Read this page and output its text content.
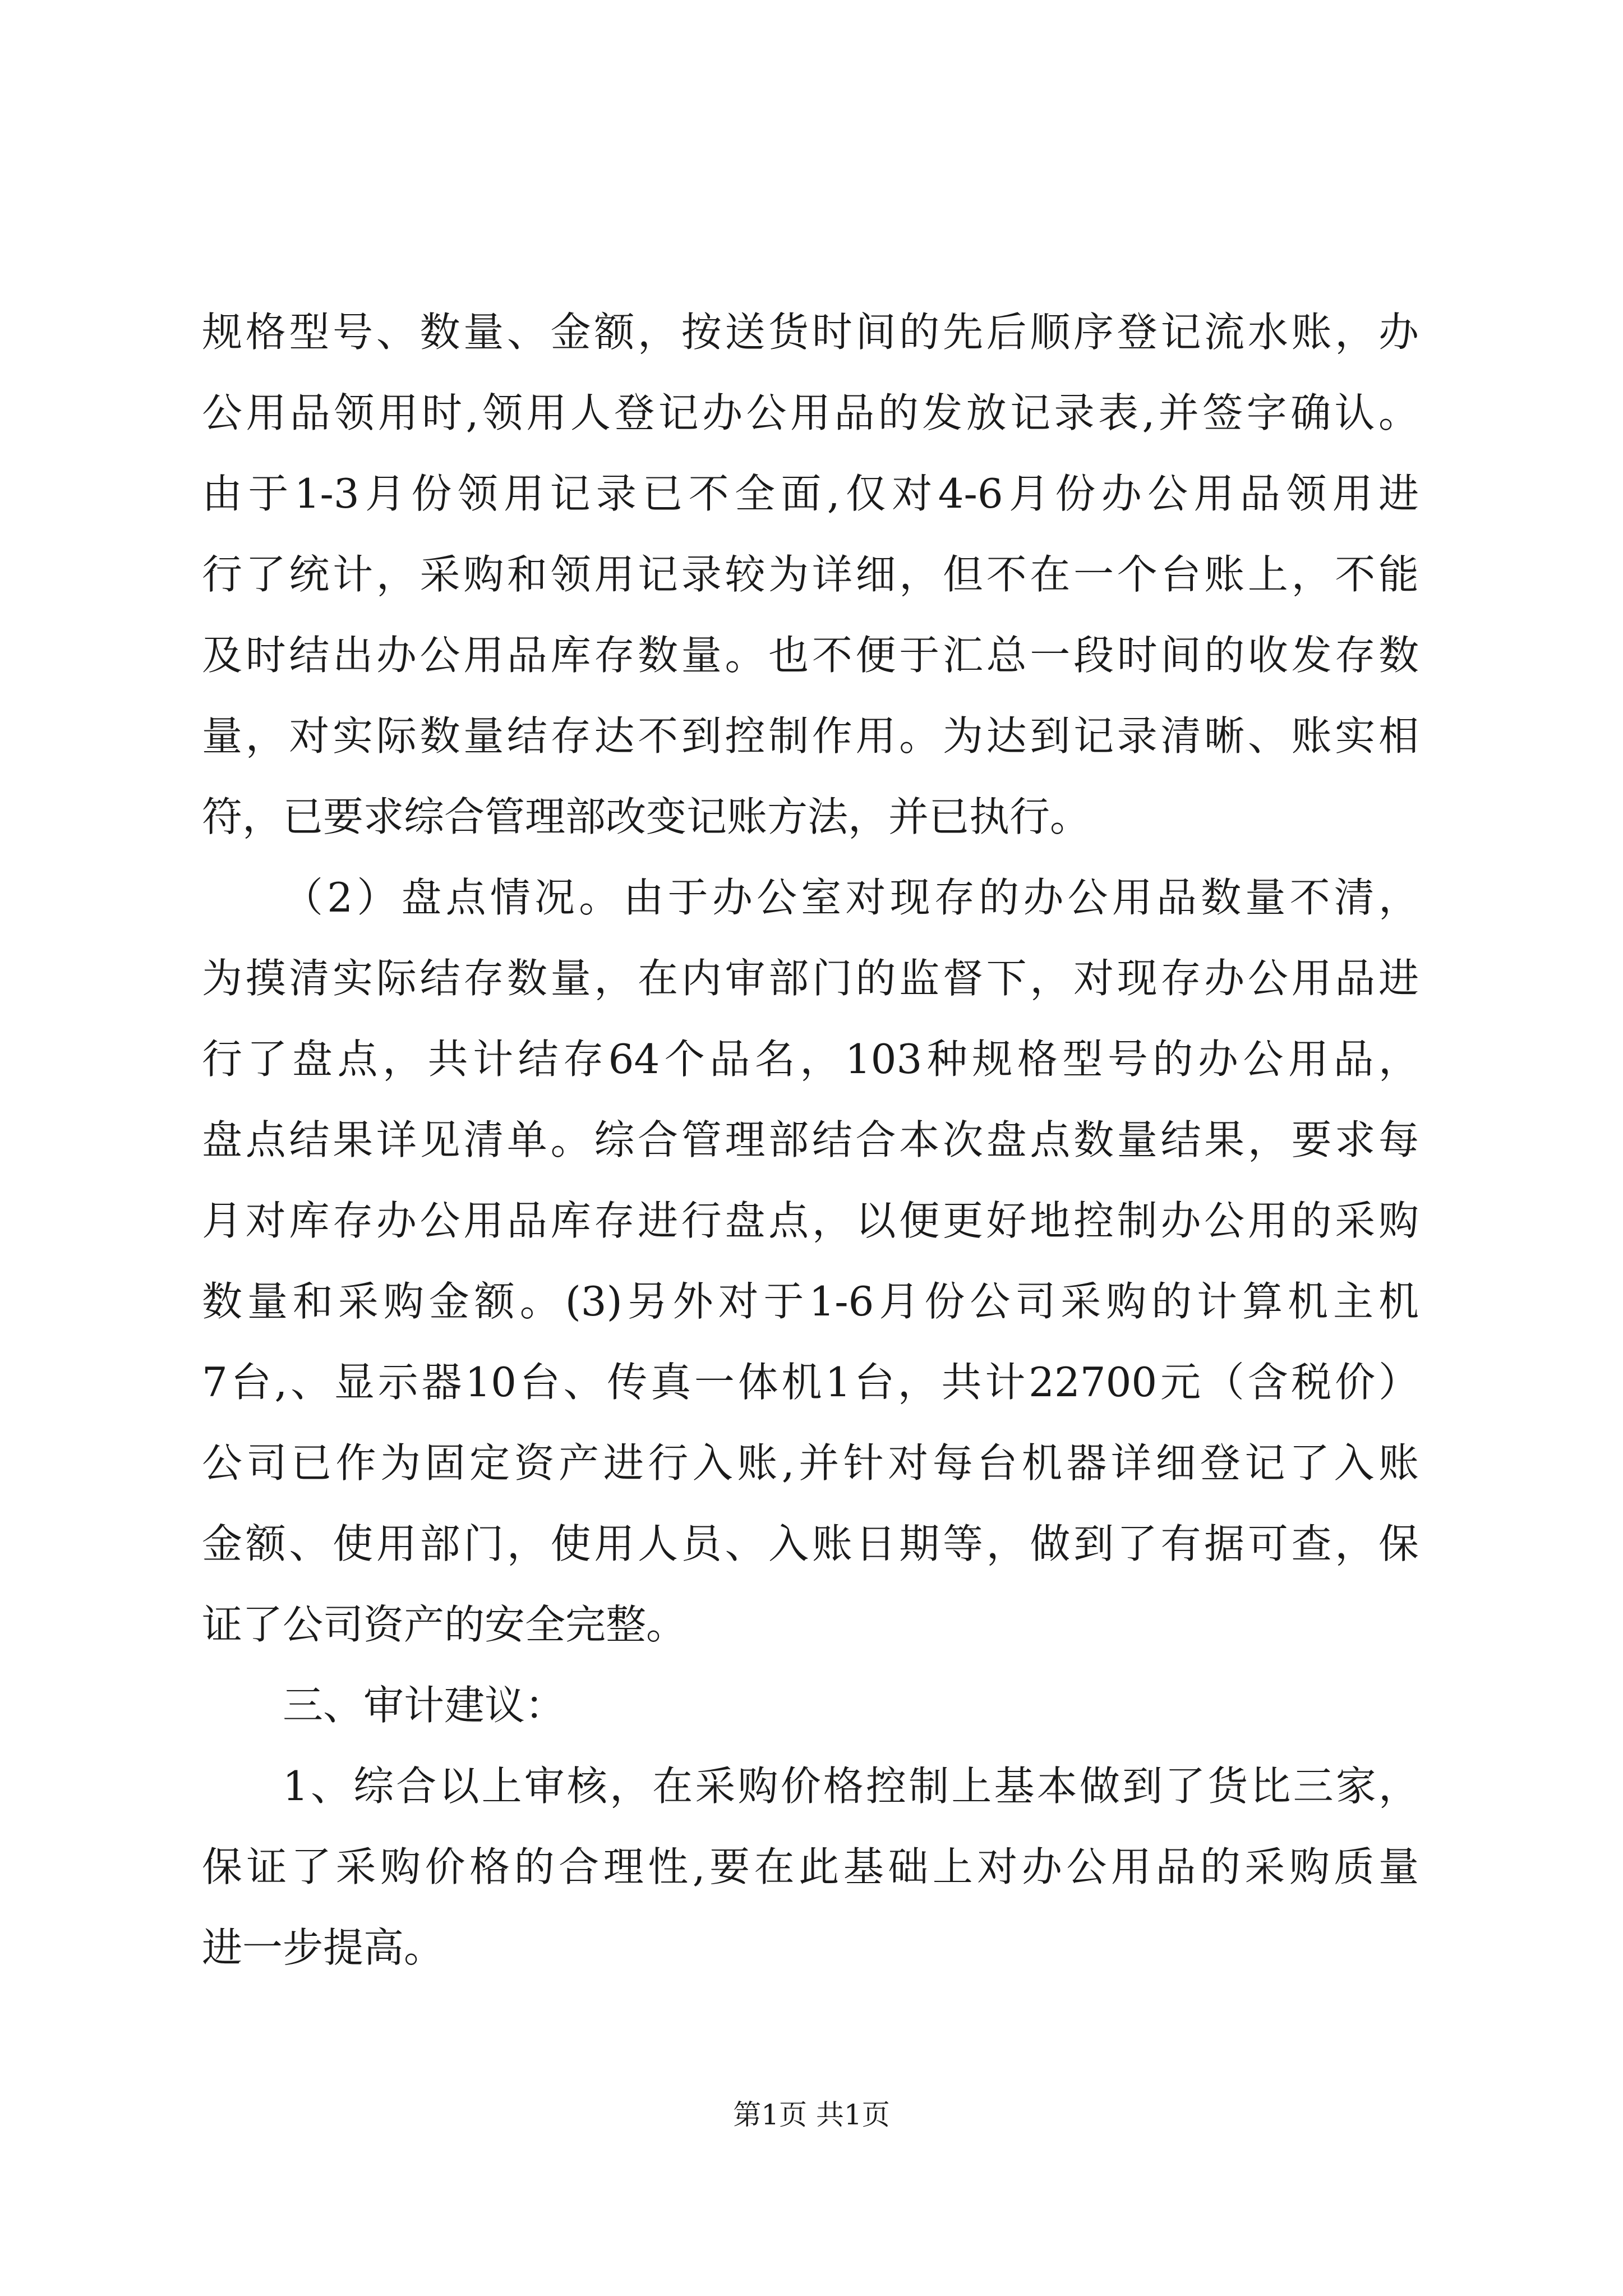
规格型号、数量、金额，按送货时间的先后顺序登记流水账，办
公用品领用时,领用人登记办公用品的发放记录表,并签字确认。
由于1-3月份领用记录已不全面,仅对4-6月份办公用品领用进
行了统计，采购和领用记录较为详细，但不在一个台账上，不能
及时结出办公用品库存数量。也不便于汇总一段时间的收发存数
量，对实际数量结存达不到控制作用。为达到记录清晰、账实相
符，已要求综合管理部改变记账方法，并已执行。
（2）盘点情况。由于办公室对现存的办公用品数量不清，
为摸清实际结存数量，在内审部门的监督下，对现存办公用品进
行了盘点，共计结存64个品名，103种规格型号的办公用品，
盘点结果详见清单。综合管理部结合本次盘点数量结果，要求每
月对库存办公用品库存进行盘点，以便更好地控制办公用的采购
数量和采购金额。(3)另外对于1-6月份公司采购的计算机主机
7台,、显示器10台、传真一体机1台，共计22700元（含税价）
公司已作为固定资产进行入账,并针对每台机器详细登记了入账
金额、使用部门，使用人员、入账日期等，做到了有据可查，保
证了公司资产的安全完整。
三、审计建议：
1、综合以上审核，在采购价格控制上基本做到了货比三家，
保证了采购价格的合理性,要在此基础上对办公用品的采购质量
进一步提高。
第1页 共1页
